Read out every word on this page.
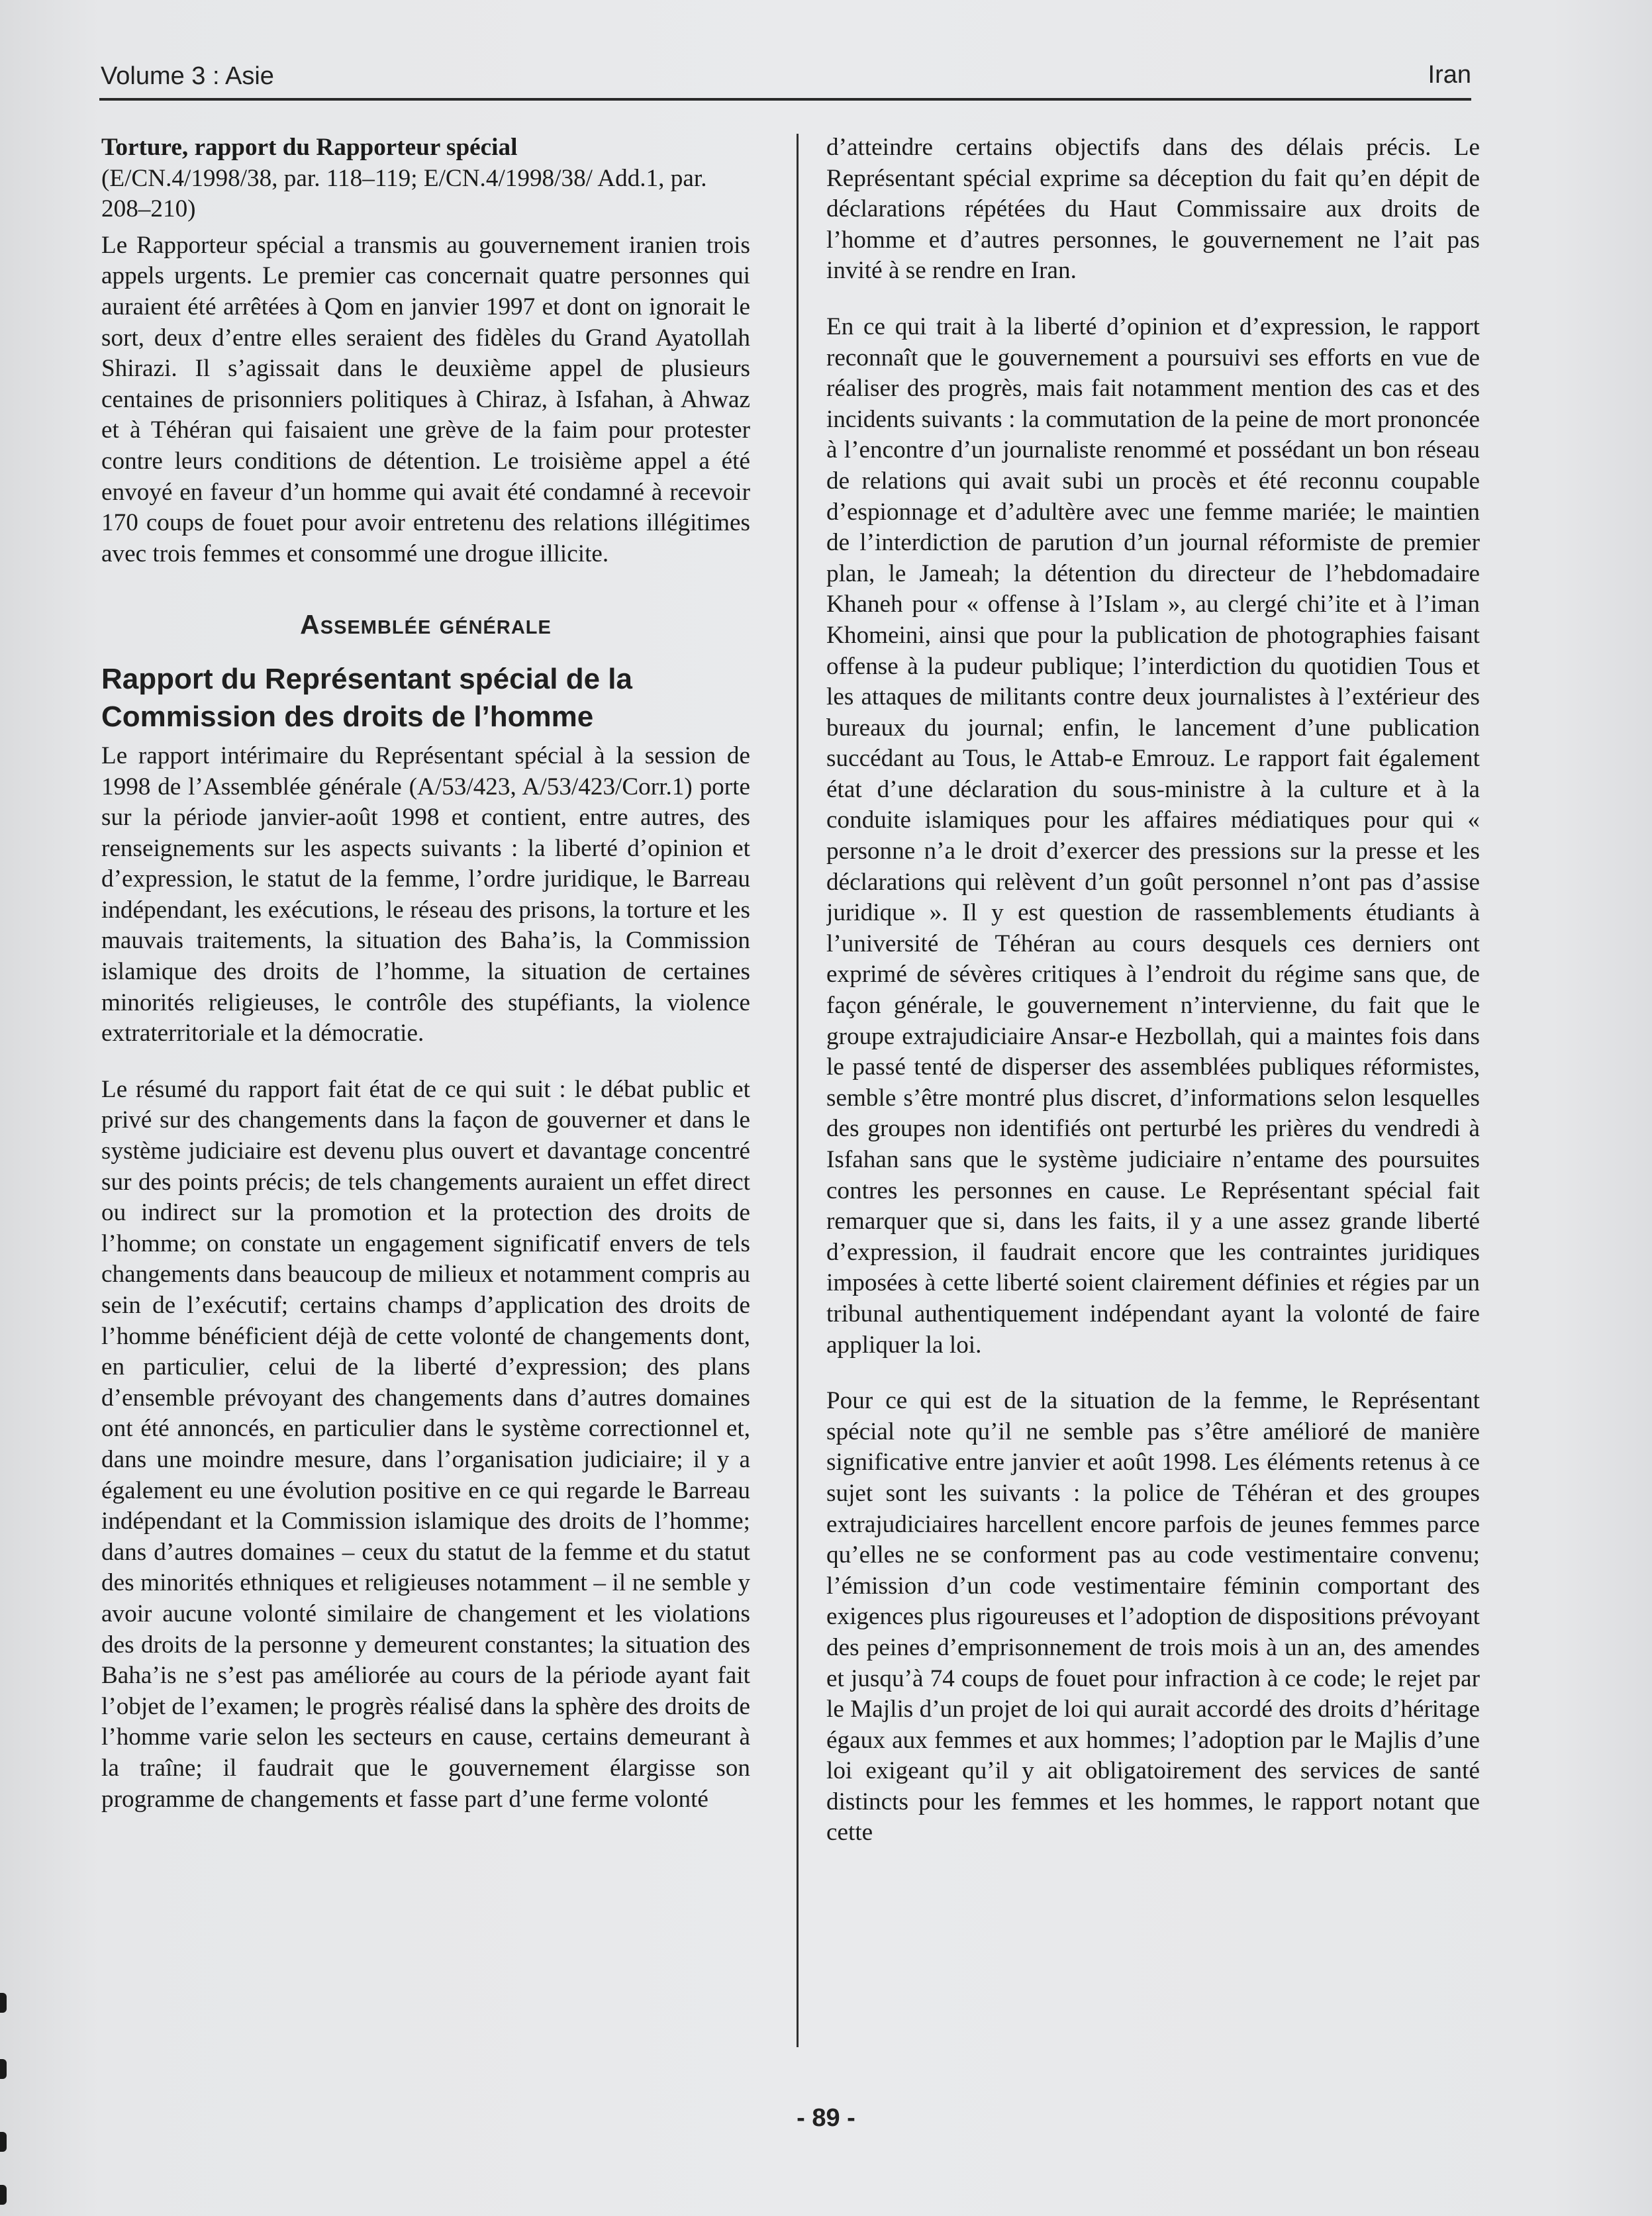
Volume 3 : Asie	Iran

Torture, rapport du Rapporteur spécial

(E/CN.4/1998/38, par. 118–119; E/CN.4/1998/38/ Add.1, par. 208–210)

Le Rapporteur spécial a transmis au gouvernement iranien trois appels urgents. Le premier cas concernait quatre personnes qui auraient été arrêtées à Qom en janvier 1997 et dont on ignorait le sort, deux d’entre elles seraient des fidèles du Grand Ayatollah Shirazi. Il s’agissait dans le deuxième appel de plusieurs centaines de prisonniers politiques à Chiraz, à Isfahan, à Ahwaz et à Téhéran qui faisaient une grève de la faim pour protester contre leurs conditions de détention. Le troisième appel a été envoyé en faveur d’un homme qui avait été condamné à recevoir 170 coups de fouet pour avoir entretenu des relations illégitimes avec trois femmes et consommé une drogue illicite.

Assemblée générale

Rapport du Représentant spécial de la Commission des droits de l’homme

Le rapport intérimaire du Représentant spécial à la session de 1998 de l’Assemblée générale (A/53/423, A/53/423/Corr.1) porte sur la période janvier-août 1998 et contient, entre autres, des renseignements sur les aspects suivants : la liberté d’opinion et d’expression, le statut de la femme, l’ordre juridique, le Barreau indépendant, les exécutions, le réseau des prisons, la torture et les mauvais traitements, la situation des Baha’is, la Commission islamique des droits de l’homme, la situation de certaines minorités religieuses, le contrôle des stupéfiants, la violence extraterritoriale et la démocratie.

Le résumé du rapport fait état de ce qui suit : le débat public et privé sur des changements dans la façon de gouverner et dans le système judiciaire est devenu plus ouvert et davantage concentré sur des points précis; de tels changements auraient un effet direct ou indirect sur la promotion et la protection des droits de l’homme; on constate un engagement significatif envers de tels changements dans beaucoup de milieux et notamment compris au sein de l’exécutif; certains champs d’application des droits de l’homme bénéficient déjà de cette volonté de changements dont, en particulier, celui de la liberté d’expression; des plans d’ensemble prévoyant des changements dans d’autres domaines ont été annoncés, en particulier dans le système correctionnel et, dans une moindre mesure, dans l’organisation judiciaire; il y a également eu une évolution positive en ce qui regarde le Barreau indépendant et la Commission islamique des droits de l’homme; dans d’autres domaines – ceux du statut de la femme et du statut des minorités ethniques et religieuses notamment – il ne semble y avoir aucune volonté similaire de changement et les violations des droits de la personne y demeurent constantes; la situation des Baha’is ne s’est pas améliorée au cours de la période ayant fait l’objet de l’examen; le progrès réalisé dans la sphère des droits de l’homme varie selon les secteurs en cause, certains demeurant à la traîne; il faudrait que le gouvernement élargisse son programme de changements et fasse part d’une ferme volonté

d’atteindre certains objectifs dans des délais précis. Le Représentant spécial exprime sa déception du fait qu’en dépit de déclarations répétées du Haut Commissaire aux droits de l’homme et d’autres personnes, le gouvernement ne l’ait pas invité à se rendre en Iran.

En ce qui trait à la liberté d’opinion et d’expression, le rapport reconnaît que le gouvernement a poursuivi ses efforts en vue de réaliser des progrès, mais fait notamment mention des cas et des incidents suivants : la commutation de la peine de mort prononcée à l’encontre d’un journaliste renommé et possédant un bon réseau de relations qui avait subi un procès et été reconnu coupable d’espionnage et d’adultère avec une femme mariée; le maintien de l’interdiction de parution d’un journal réformiste de premier plan, le Jameah; la détention du directeur de l’hebdomadaire Khaneh pour « offense à l’Islam », au clergé chi’ite et à l’iman Khomeini, ainsi que pour la publication de photographies faisant offense à la pudeur publique; l’interdiction du quotidien Tous et les attaques de militants contre deux journalistes à l’extérieur des bureaux du journal; enfin, le lancement d’une publication succédant au Tous, le Attab-e Emrouz. Le rapport fait également état d’une déclaration du sous-ministre à la culture et à la conduite islamiques pour les affaires médiatiques pour qui « personne n’a le droit d’exercer des pressions sur la presse et les déclarations qui relèvent d’un goût personnel n’ont pas d’assise juridique ». Il y est question de rassemblements étudiants à l’université de Téhéran au cours desquels ces derniers ont exprimé de sévères critiques à l’endroit du régime sans que, de façon générale, le gouvernement n’intervienne, du fait que le groupe extrajudiciaire Ansar-e Hezbollah, qui a maintes fois dans le passé tenté de disperser des assemblées publiques réformistes, semble s’être montré plus discret, d’informations selon lesquelles des groupes non identifiés ont perturbé les prières du vendredi à Isfahan sans que le système judiciaire n’entame des poursuites contres les personnes en cause. Le Représentant spécial fait remarquer que si, dans les faits, il y a une assez grande liberté d’expression, il faudrait encore que les contraintes juridiques imposées à cette liberté soient clairement définies et régies par un tribunal authentiquement indépendant ayant la volonté de faire appliquer la loi.

Pour ce qui est de la situation de la femme, le Représentant spécial note qu’il ne semble pas s’être amélioré de manière significative entre janvier et août 1998. Les éléments retenus à ce sujet sont les suivants : la police de Téhéran et des groupes extrajudiciaires harcellent encore parfois de jeunes femmes parce qu’elles ne se conforment pas au code vestimentaire convenu; l’émission d’un code vestimentaire féminin comportant des exigences plus rigoureuses et l’adoption de dispositions prévoyant des peines d’emprisonnement de trois mois à un an, des amendes et jusqu’à 74 coups de fouet pour infraction à ce code; le rejet par le Majlis d’un projet de loi qui aurait accordé des droits d’héritage égaux aux femmes et aux hommes; l’adoption par le Majlis d’une loi exigeant qu’il y ait obligatoirement des services de santé distincts pour les femmes et les hommes, le rapport notant que cette

- 89 -
